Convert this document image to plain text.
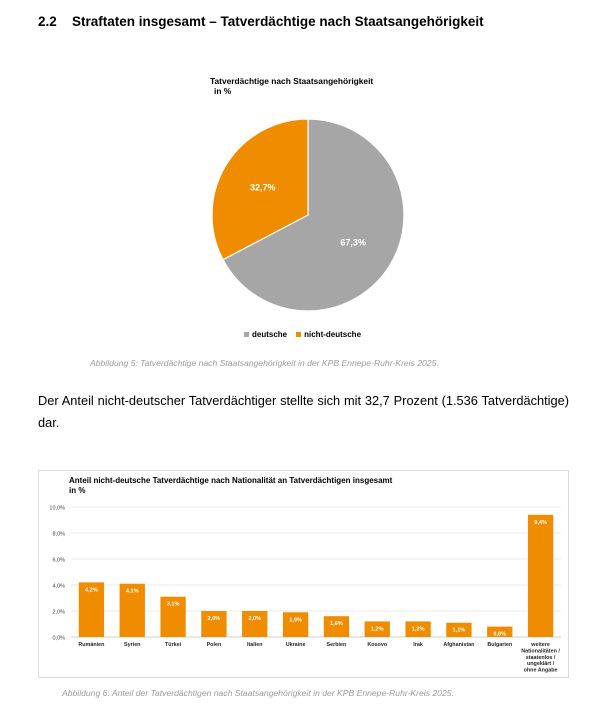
2.2 Straftaten insgesamt – Tatverdächtige nach Staatsangehörigkeit
Tatverdächtige nach Staatsangehörigkeit
in %
67,3%
32,7%
deutsche nicht-deutsche
Abbildung 5: Tatverdächtige nach Staatsangehörigkeit in der KPB Ennepe-Ruhr-Kreis 2025.
Der Anteil nicht-deutscher Tatverdächtiger stellte sich mit 32,7 Prozent (1.536 Tatverdächtige) dar.
Anteil nicht-deutsche Tatverdächtige nach Nationalität an Tatverdächtigen insgesamt
in %
0,0%
2,0%
4,0%
6,0%
8,0%
10,0%
4,2%
Rumänien
4,1%
Syrien
3,1%
Türkei
2,0%
Polen
2,0%
Italien
1,9%
Ukraine
1,6%
Serbien
1,2%
Kosovo
1,2%
Irak
1,1%
Afghanistan
0,8%
Bulgarien
9,4%
weitere Nationalitäten / staatenlos / ungeklärt / ohne Angabe
Abbildung 6: Anteil der Tatverdächtigen nach Staatsangehörigkeit in der KPB Ennepe-Ruhr-Kreis 2025.
